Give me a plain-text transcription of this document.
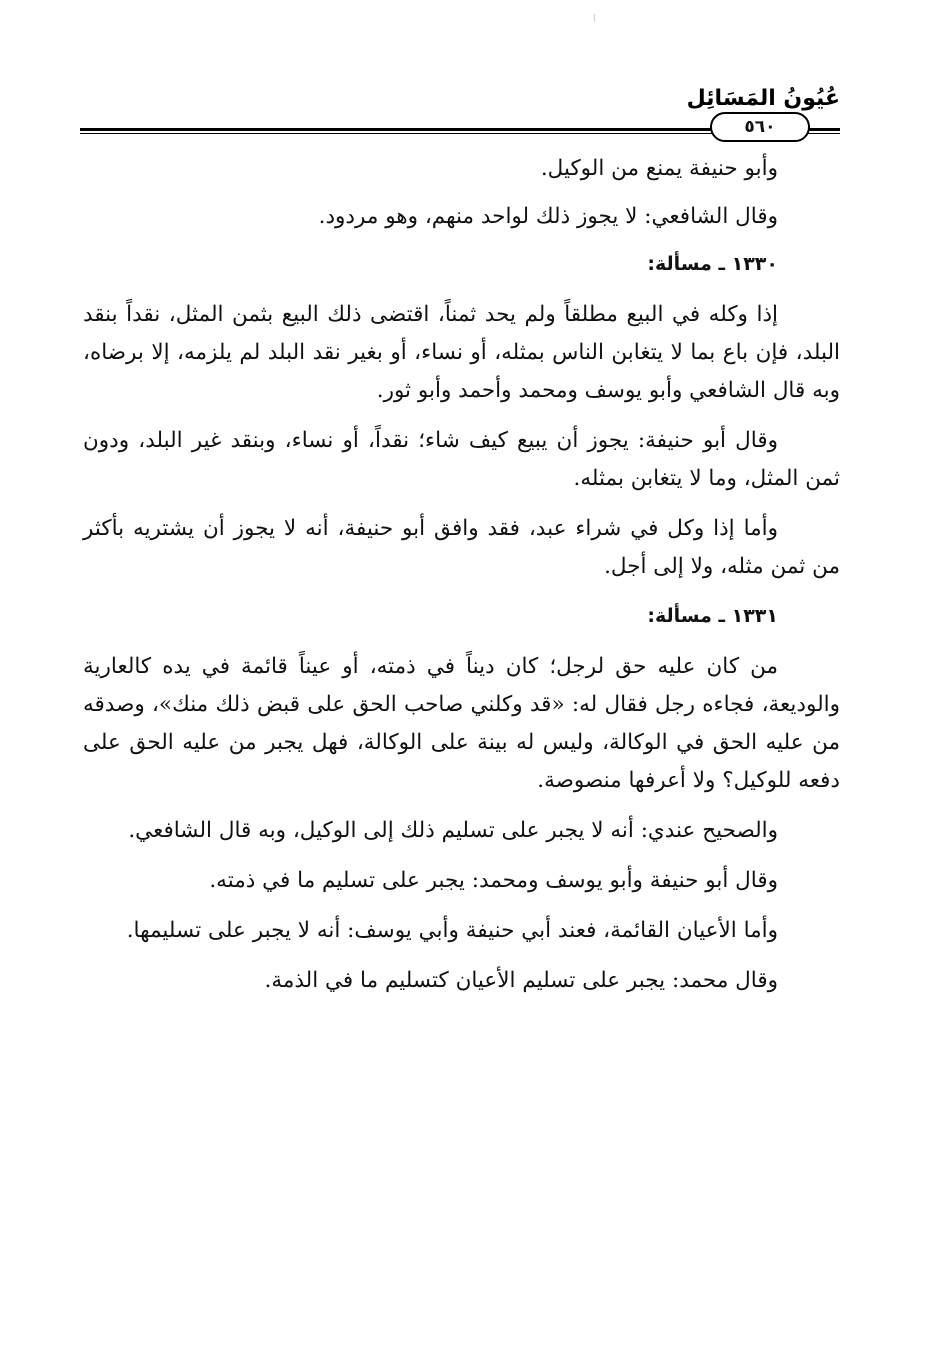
عُيُونُ المَسَائِل
٥٦٠

وأبو حنيفة يمنع من الوكيل.

وقال الشافعي: لا يجوز ذلك لواحد منهم، وهو مردود.

١٣٣٠ ـ مسألة:

إذا وكله في البيع مطلقاً ولم يحد ثمناً، اقتضى ذلك البيع بثمن المثل، نقداً بنقد البلد، فإن باع بما لا يتغابن الناس بمثله، أو نساء، أو بغير نقد البلد لم يلزمه، إلا برضاه، وبه قال الشافعي وأبو يوسف ومحمد وأحمد وأبو ثور.

وقال أبو حنيفة: يجوز أن يبيع كيف شاء؛ نقداً، أو نساء، وبنقد غير البلد، ودون ثمن المثل، وما لا يتغابن بمثله.

وأما إذا وكل في شراء عبد، فقد وافق أبو حنيفة، أنه لا يجوز أن يشتريه بأكثر من ثمن مثله، ولا إلى أجل.

١٣٣١ ـ مسألة:

من كان عليه حق لرجل؛ كان ديناً في ذمته، أو عيناً قائمة في يده كالعارية والوديعة، فجاءه رجل فقال له: «قد وكلني صاحب الحق على قبض ذلك منك»، وصدقه من عليه الحق في الوكالة، وليس له بينة على الوكالة، فهل يجبر من عليه الحق على دفعه للوكيل؟ ولا أعرفها منصوصة.

والصحيح عندي: أنه لا يجبر على تسليم ذلك إلى الوكيل، وبه قال الشافعي.

وقال أبو حنيفة وأبو يوسف ومحمد: يجبر على تسليم ما في ذمته.

وأما الأعيان القائمة، فعند أبي حنيفة وأبي يوسف: أنه لا يجبر على تسليمها.

وقال محمد: يجبر على تسليم الأعيان كتسليم ما في الذمة.
